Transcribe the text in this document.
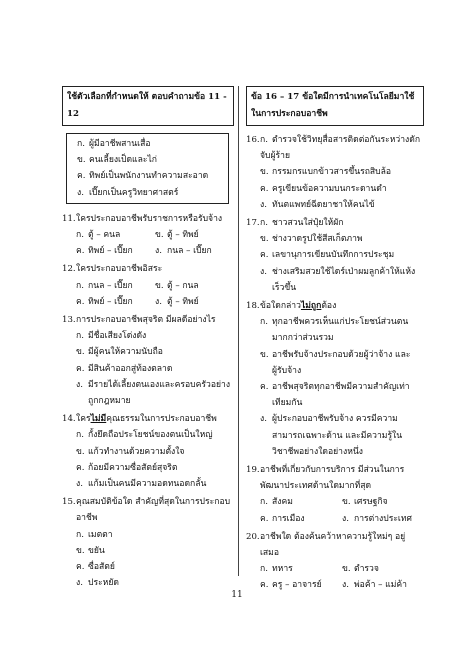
ใช้ตัวเลือกที่กำหนดให้ ตอบคำถามข้อ 11 - 12
ก. ผู้มีอาชีพสานเสื่อ
ข. คนเลี้ยงเป็ดและไก่
ค. ทิพย์เป็นพนักงานทำความสะอาด
ง. เปี๊ยกเป็นครูวิทยาศาสตร์
11. ใครประกอบอาชีพรับราชการหรือรับจ้าง
ก. ตู้ – คนล	ข. ตู้ – ทิพย์
ค. ทิพย์ – เปี๊ยก	ง. กนล – เปี๊ยก
12. ใครประกอบอาชีพอิสระ
ก. กนล – เปี๊ยก	ข. ตู้ – กนล
ค. ทิพย์ – เปี๊ยก	ง. ตู้ – ทิพย์
13. การประกอบอาชีพสุจริต มีผลดีอย่างไร
ก. มีชื่อเสียงโด่งดัง
ข. มีผู้คนให้ความนับถือ
ค. มีสินค้าออกสู่ท้องตลาด
ง. มีรายได้เลี้ยงตนเองและครอบครัวอย่างถูกกฎหมาย
14. ใครไม่มีคุณธรรมในการประกอบอาชีพ
ก. กั้งยึดถือประโยชน์ของตนเป็นใหญ่
ข. แก้วทำงานด้วยความตั้งใจ
ค. ก้อยมีความซื่อสัตย์สุจริต
ง. แก้มเป็นคนมีความอดทนอดกลั้น
15. คุณสมบัติข้อใด สำคัญที่สุดในการประกอบอาชีพ
ก. เมตตา
ข. ขยัน
ค. ซื่อสัตย์
ง. ประหยัด
ข้อ 16 – 17 ข้อใดมีการนำเทคโนโลยีมาใช้ในการประกอบอาชีพ
16. ก. ตำรวจใช้วิทยุสื่อสารติดต่อกันระหว่างดักจับผู้ร้าย
ข. กรรมกรแบกข้าวสารขึ้นรถสิบล้อ
ค. ครูเขียนข้อความบนกระดานดำ
ง. ทันตแพทย์ฉีดยาชาให้คนไข้
17. ก. ชาวสวนใส่ปุ๋ยให้ผัก
ข. ช่างวาดรูปใช้สีสเก็ตภาพ
ค. เลขานุการเขียนบันทึกการประชุม
ง. ช่างเสริมสวยใช้ไดร์เป่าผมลูกค้าให้แห้งเร็วขึ้น
18. ข้อใดกล่าวไม่ถูกต้อง
ก. ทุกอาชีพควรเห็นแก่ประโยชน์ส่วนตนมากกว่าส่วนรวม
ข. อาชีพรับจ้างประกอบด้วยผู้ว่าจ้าง และผู้รับจ้าง
ค. อาชีพสุจริตทุกอาชีพมีความสำคัญเท่าเทียมกัน
ง. ผู้ประกอบอาชีพรับจ้าง ควรมีความสามารถเฉพาะด้าน และมีความรู้ในวิชาชีพอย่างใดอย่างหนึ่ง
19. อาชีพที่เกี่ยวกับการบริการ มีส่วนในการพัฒนาประเทศด้านใดมากที่สุด
ก. สังคม	ข. เศรษฐกิจ
ค. การเมือง	ง. การต่างประเทศ
20. อาชีพใด ต้องค้นคว้าหาความรู้ใหม่ๆ อยู่เสมอ
ก. ทหาร	ข. ตำรวจ
ค. ครู – อาจารย์ ง. พ่อค้า – แม่ค้า
11
